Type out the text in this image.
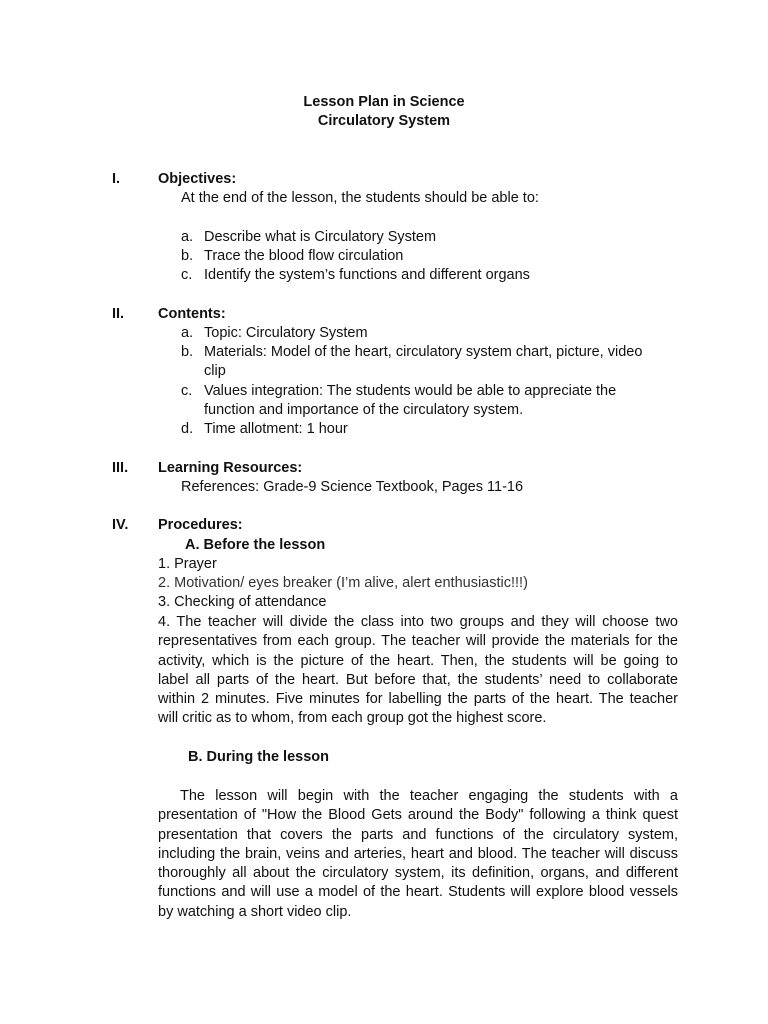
Lesson Plan in Science
Circulatory System
I.	Objectives:
At the end of the lesson, the students should be able to:
a. Describe what is Circulatory System
b. Trace the blood flow circulation
c. Identify the system’s functions and different organs
II. Contents:
a. Topic: Circulatory System
b. Materials: Model of the heart, circulatory system chart, picture, video
clip
c. Values integration: The students would be able to appreciate the
function and importance of the circulatory system.
d. Time allotment: 1 hour
III. Learning Resources:
References: Grade-9 Science Textbook, Pages 11-16
IV. Procedures:
A. Before the lesson
1. Prayer
2. Motivation/ eyes breaker (I’m alive, alert enthusiastic!!!)
3. Checking of attendance
4. The teacher will divide the class into two groups and they will choose two
representatives from each group. The teacher will provide the materials for the
activity, which is the picture of the heart. Then, the students will be going to
label all parts of the heart. But before that, the students’ need to collaborate
within 2 minutes. Five minutes for labelling the parts of the heart. The teacher
will critic as to whom, from each group got the highest score.
B. During the lesson
The lesson will begin with the teacher engaging the students with a
presentation of "How the Blood Gets around the Body" following a think quest
presentation that covers the parts and functions of the circulatory system,
including the brain, veins and arteries, heart and blood. The teacher will discuss
thoroughly all about the circulatory system, its definition, organs, and different
functions and will use a model of the heart. Students will explore blood vessels
by watching a short video clip.
